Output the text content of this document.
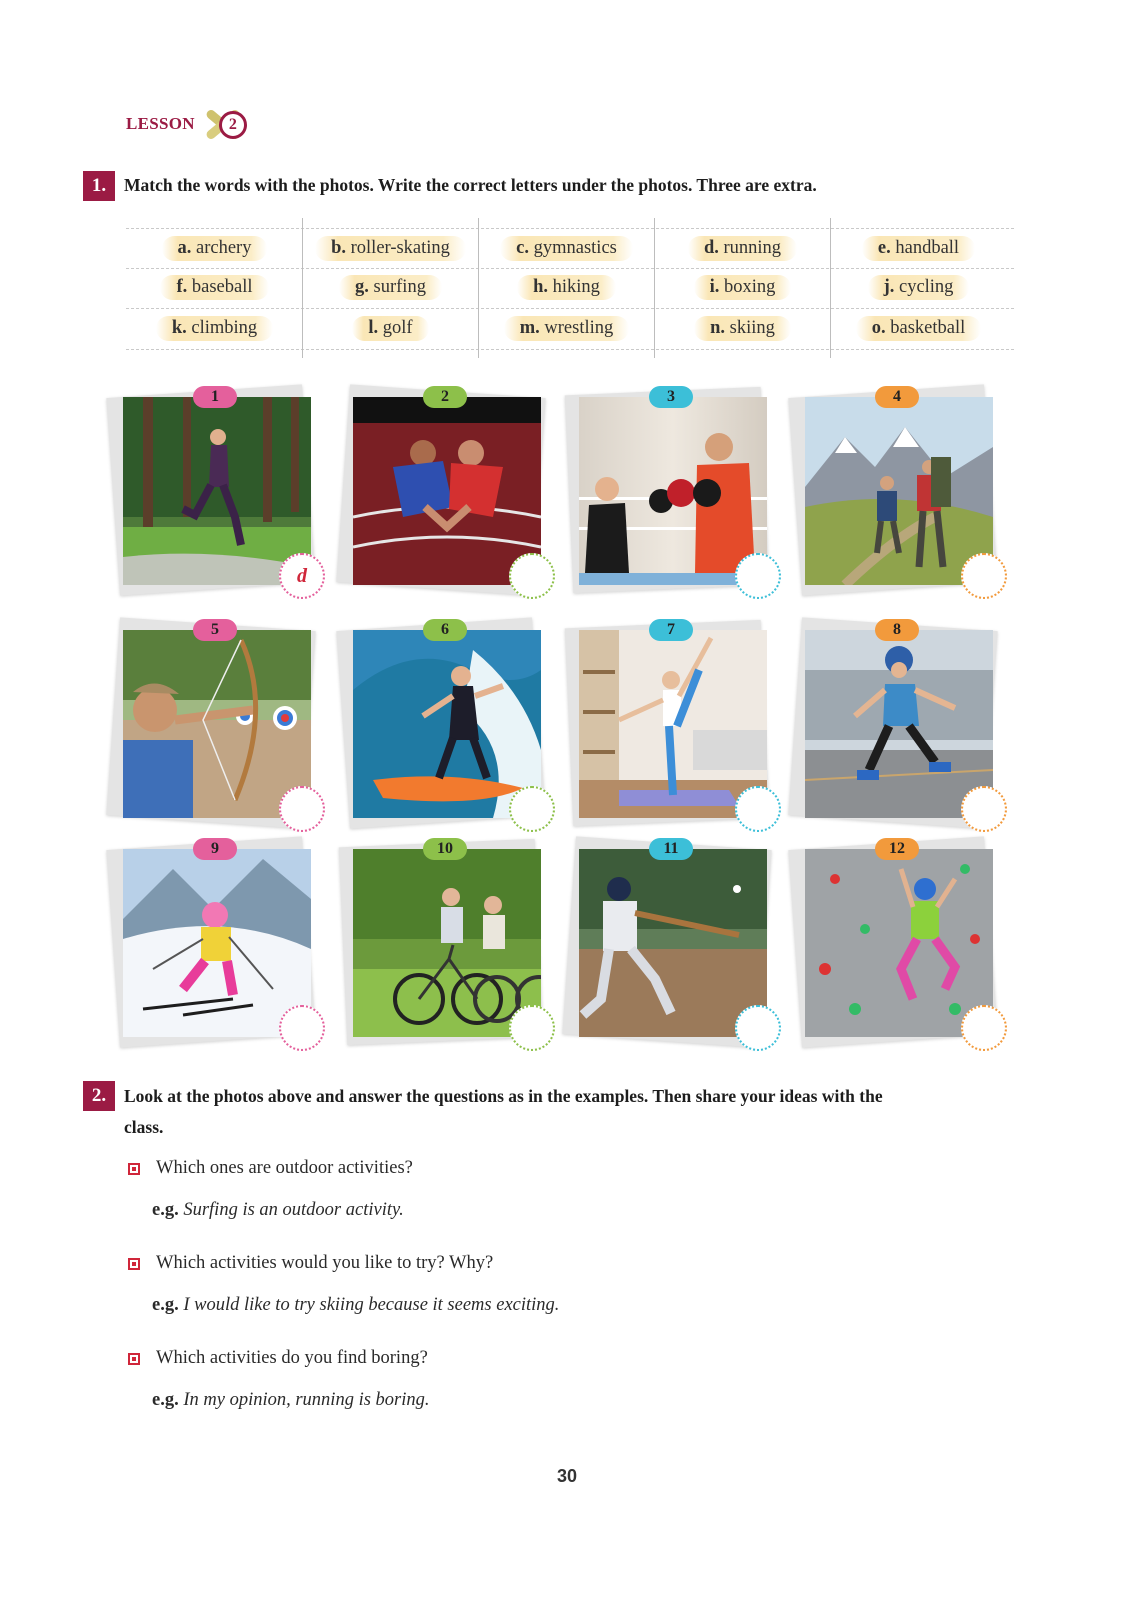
LESSON	2
1.	Match the words with the photos. Write the correct letters under the photos. Three are extra.
a. archery	b. roller-skating	c. gymnastics	d. running	e. handball
f. baseball	g. surfing	h. hiking	i. boxing	j. cycling
k. climbing	l. golf	m. wrestling	n. skiing	o. basketball
1
d
2	3	4
5	6	7	8
9	10	11	12
2.	Look at the photos above and answer the questions as in the examples. Then share your ideas with the
class.
Which ones are outdoor activities?
e.g. Surfing is an outdoor activity.
Which activities would you like to try? Why?
e.g. I would like to try skiing because it seems exciting.
Which activities do you find boring?
e.g. In my opinion, running is boring.
30
